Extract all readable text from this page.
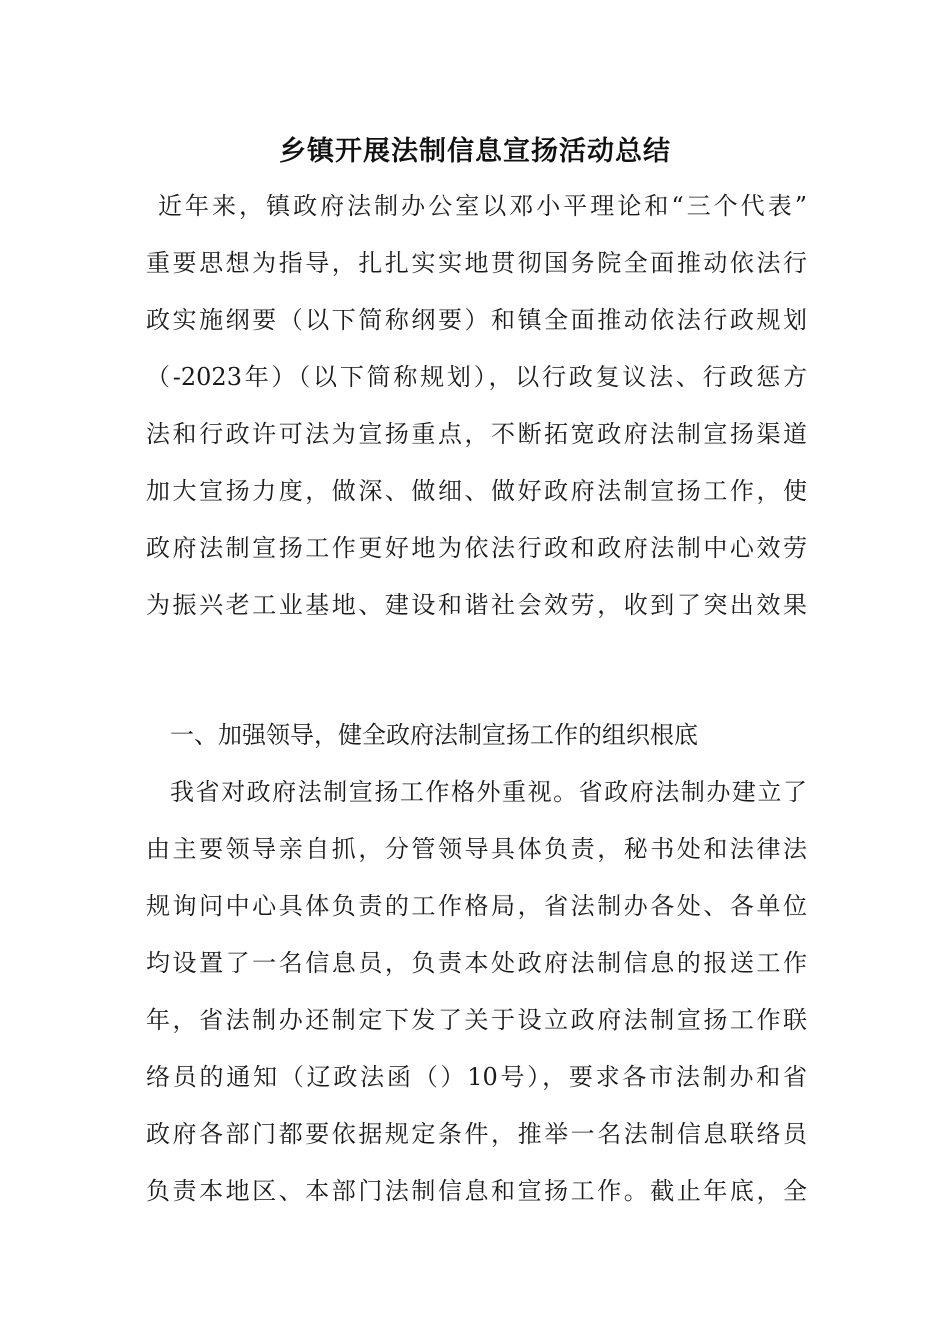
乡镇开展法制信息宣扬活动总结
近年来，镇政府法制办公室以邓小平理论和“三个代表”
重要思想为指导，扎扎实实地贯彻国务院全面推动依法行
政实施纲要（以下简称纲要）和镇全面推动依法行政规划
（-2023年）（以下简称规划），以行政复议法、行政惩方
法和行政许可法为宣扬重点，不断拓宽政府法制宣扬渠道
加大宣扬力度，做深、做细、做好政府法制宣扬工作，使
政府法制宣扬工作更好地为依法行政和政府法制中心效劳
为振兴老工业基地、建设和谐社会效劳，收到了突出效果
一、加强领导，健全政府法制宣扬工作的组织根底
我省对政府法制宣扬工作格外重视。省政府法制办建立了
由主要领导亲自抓，分管领导具体负责，秘书处和法律法
规询问中心具体负责的工作格局，省法制办各处、各单位
均设置了一名信息员，负责本处政府法制信息的报送工作
年，省法制办还制定下发了关于设立政府法制宣扬工作联
络员的通知（辽政法函（）10号），要求各市法制办和省
政府各部门都要依据规定条件，推举一名法制信息联络员
负责本地区、本部门法制信息和宣扬工作。截止年底，全
